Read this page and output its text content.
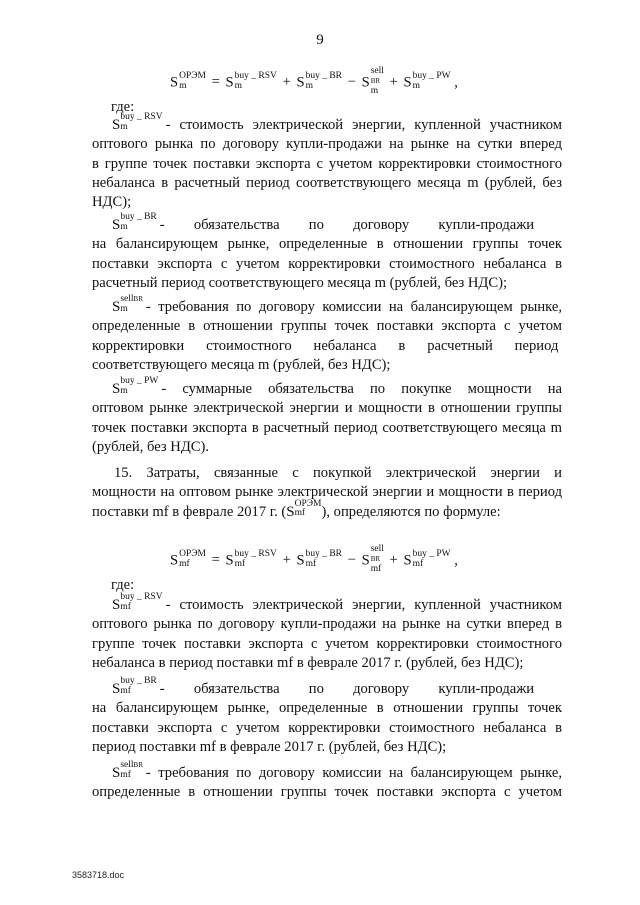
9
S ОРЭМ
m	= S buy _ RSV
m	+ S buy _ BR
m	− S
sell
BR
m
+ S buy _ PW
m	,
где:
S buy _ RSV
m	- стоимость электрической энергии, купленной участником
оптового рынка по договору купли-продажи на рынке на сутки вперед
в группе точек поставки экспорта с учетом корректировки стоимостного
небаланса в расчетный период соответствующего месяца m (рублей, без
НДС);
S buy _ BR
m	-        обязательства        по        договору        купли-продажи
на балансирующем рынке, определенные в отношении группы точек
поставки экспорта с учетом корректировки стоимостного небаланса в
расчетный период соответствующего месяца m (рублей, без НДС);
S sellBR
m	- требования по договору комиссии на балансирующем рынке,
определенные в отношении группы точек поставки экспорта с учетом
корректировки      стоимостного      небаланса      в      расчетный      период
соответствующего месяца m (рублей, без НДС);
S buy _ PW
m	- суммарные обязательства по покупке мощности на
оптовом рынке электрической энергии и мощности в отношении группы
точек поставки экспорта в расчетный период соответствующего месяца m
(рублей, без НДС).
15. Затраты, связанные с покупкой электрической энергии и
мощности на оптовом рынке электрической энергии и мощности в период
поставки mf в феврале 2017 г. ( S ОРЭМ
mf	), определяются по формуле:
S ОРЭМ
mf	= S buy _ RSV
mf	+ S buy _ BR
mf	− S
sell
BR
mf
+ S buy _ PW
mf	,
где:
S buy _ RSV
mf	- стоимость электрической энергии, купленной участником
оптового рынка по договору купли-продажи на рынке на сутки вперед в
группе точек поставки экспорта с учетом корректировки стоимостного
небаланса в период поставки mf в феврале 2017 г. (рублей, без НДС);
S buy _ BR
mf	-        обязательства        по        договору        купли-продажи
на балансирующем рынке, определенные в отношении группы точек
поставки экспорта с учетом корректировки стоимостного небаланса в
период поставки mf в феврале 2017 г. (рублей, без НДС);
S sellBR
mf	- требования по договору комиссии на балансирующем рынке,
определенные в отношении группы точек поставки экспорта с учетом
3583718.doc
